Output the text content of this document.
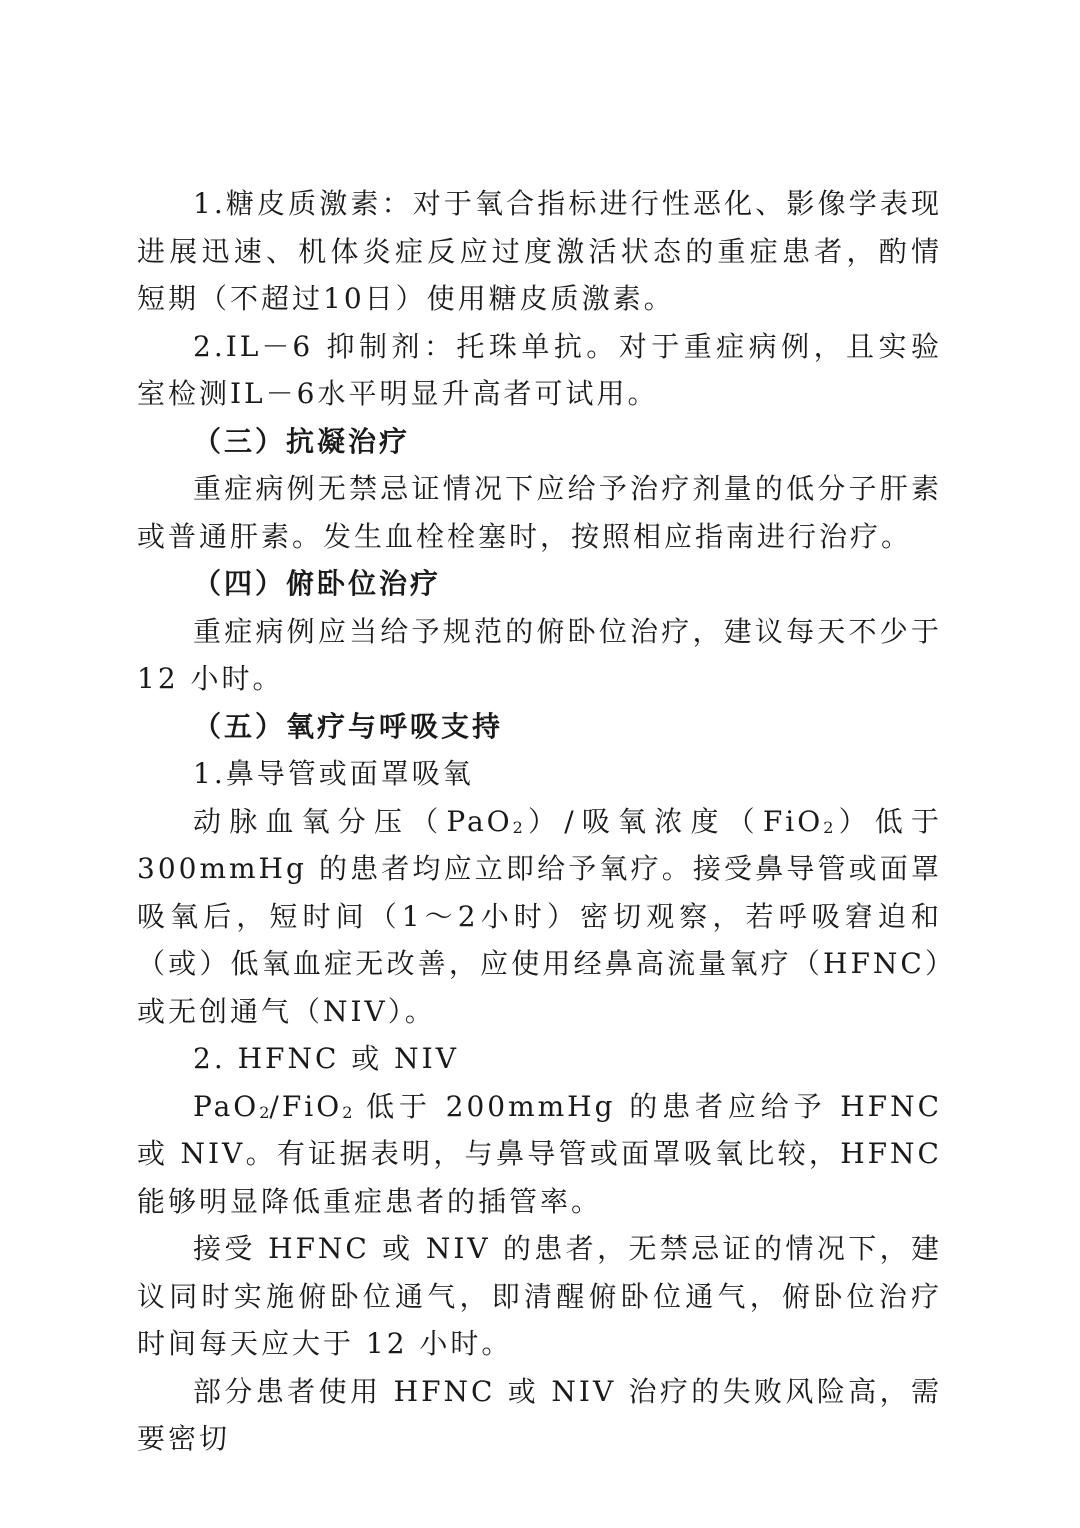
1.糖皮质激素：对于氧合指标进行性恶化、影像学表现进展迅速、机体炎症反应过度激活状态的重症患者，酌情短期（不超过10日）使用糖皮质激素。

2.IL－6 抑制剂：托珠单抗。对于重症病例，且实验室检测IL－6水平明显升高者可试用。

（三）抗凝治疗

重症病例无禁忌证情况下应给予治疗剂量的低分子肝素或普通肝素。发生血栓栓塞时，按照相应指南进行治疗。

（四）俯卧位治疗

重症病例应当给予规范的俯卧位治疗，建议每天不少于 12 小时。

（五）氧疗与呼吸支持

1.鼻导管或面罩吸氧

动脉血氧分压（PaO2）/吸氧浓度（FiO2）低于 300mmHg 的患者均应立即给予氧疗。接受鼻导管或面罩吸氧后，短时间（1～2小时）密切观察，若呼吸窘迫和（或）低氧血症无改善，应使用经鼻高流量氧疗（HFNC）或无创通气（NIV）。

2. HFNC 或 NIV

PaO2/FiO2 低于 200mmHg 的患者应给予 HFNC 或 NIV。有证据表明，与鼻导管或面罩吸氧比较，HFNC 能够明显降低重症患者的插管率。

接受 HFNC 或 NIV 的患者，无禁忌证的情况下，建议同时实施俯卧位通气，即清醒俯卧位通气，俯卧位治疗时间每天应大于 12 小时。

部分患者使用 HFNC 或 NIV 治疗的失败风险高，需要密切
